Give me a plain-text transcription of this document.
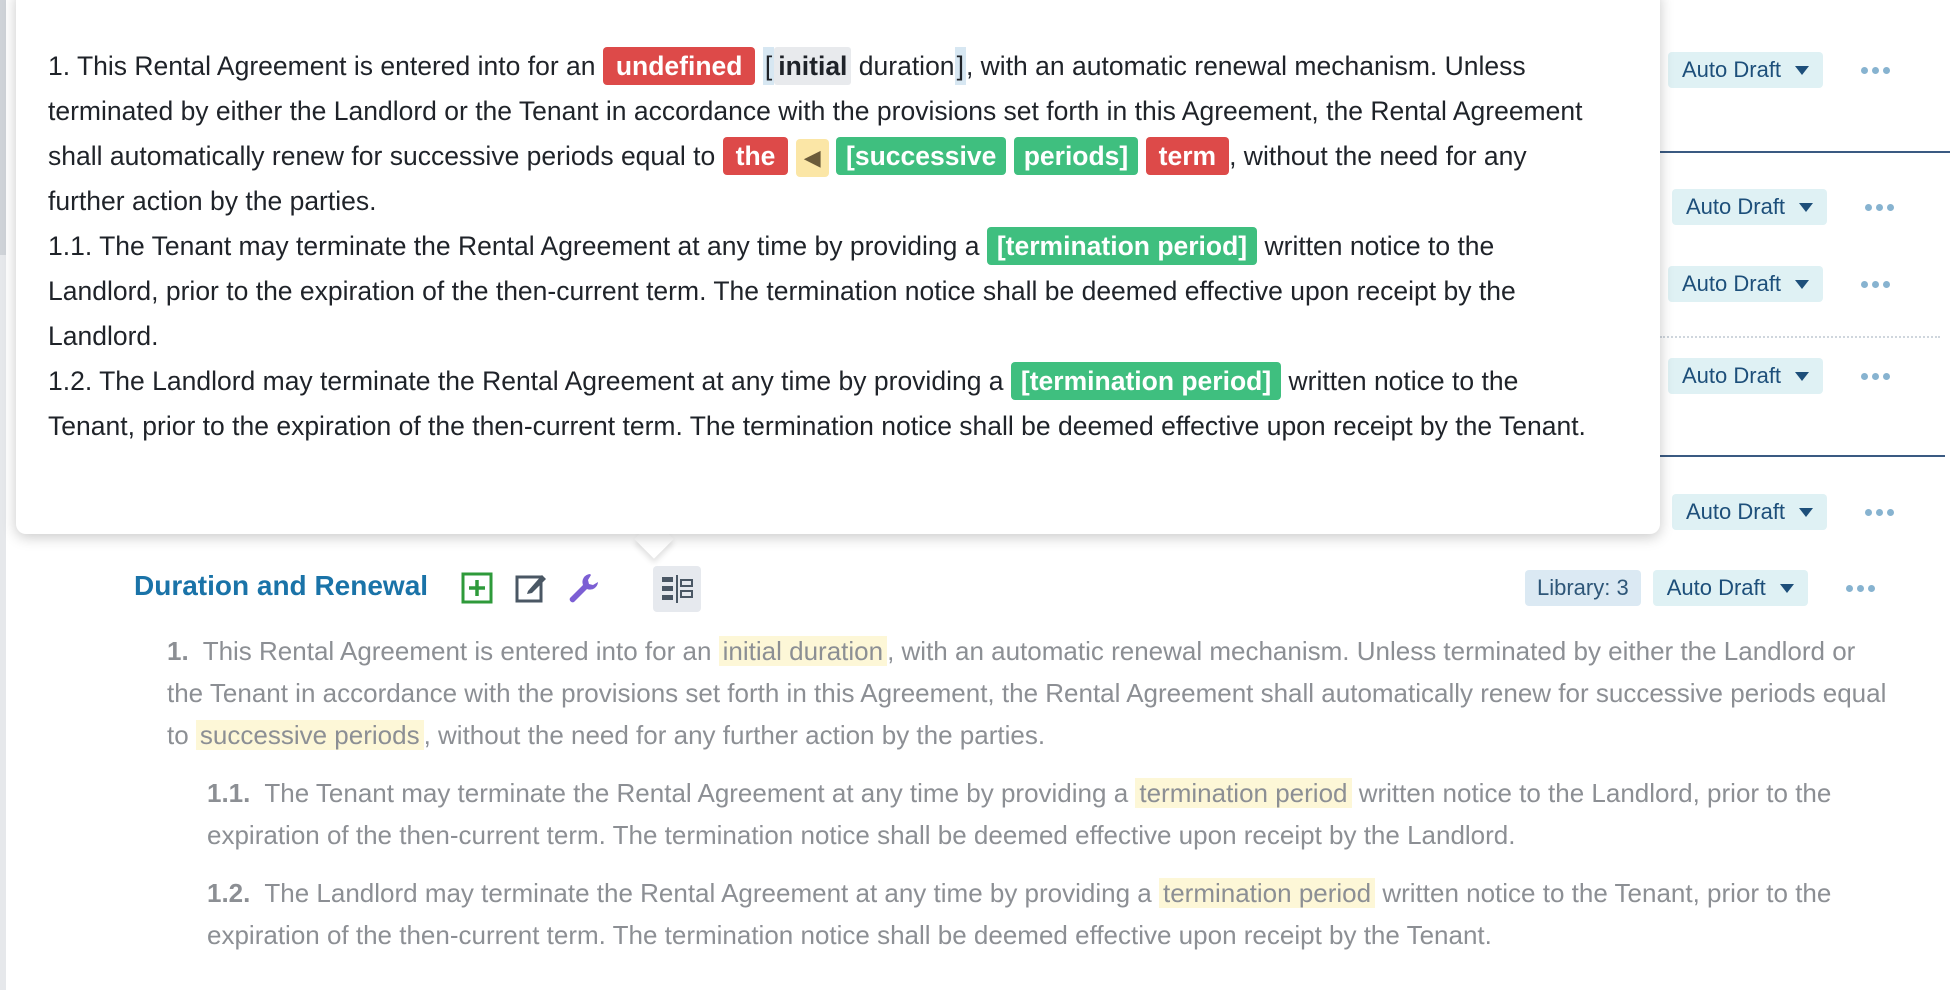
Auto Draft
Auto Draft
Auto Draft
Auto Draft
Auto Draft

1. This Rental Agreement is entered into for an undefined [ initial duration], with an automatic renewal mechanism. Unless terminated by either the Landlord or the Tenant in accordance with the provisions set forth in this Agreement, the Rental Agreement shall automatically renew for successive periods equal to the ◀ [successive periods] term , without the need for any further action by the parties.

1.1. The Tenant may terminate the Rental Agreement at any time by providing a [termination period] written notice to the Landlord, prior to the expiration of the then-current term. The termination notice shall be deemed effective upon receipt by the Landlord.

1.2. The Landlord may terminate the Rental Agreement at any time by providing a [termination period] written notice to the Tenant, prior to the expiration of the then-current term. The termination notice shall be deemed effective upon receipt by the Tenant.

Duration and Renewal	Library: 3	Auto Draft
1. This Rental Agreement is entered into for an initial duration , with an automatic renewal mechanism. Unless terminated by either the Landlord or the Tenant in accordance with the provisions set forth in this Agreement, the Rental Agreement shall automatically renew for successive periods equal to successive periods , without the need for any further action by the parties.
1.1. The Tenant may terminate the Rental Agreement at any time by providing a termination period written notice to the Landlord, prior to the expiration of the then-current term. The termination notice shall be deemed effective upon receipt by the Landlord.
1.2. The Landlord may terminate the Rental Agreement at any time by providing a termination period written notice to the Tenant, prior to the expiration of the then-current term. The termination notice shall be deemed effective upon receipt by the Tenant.
